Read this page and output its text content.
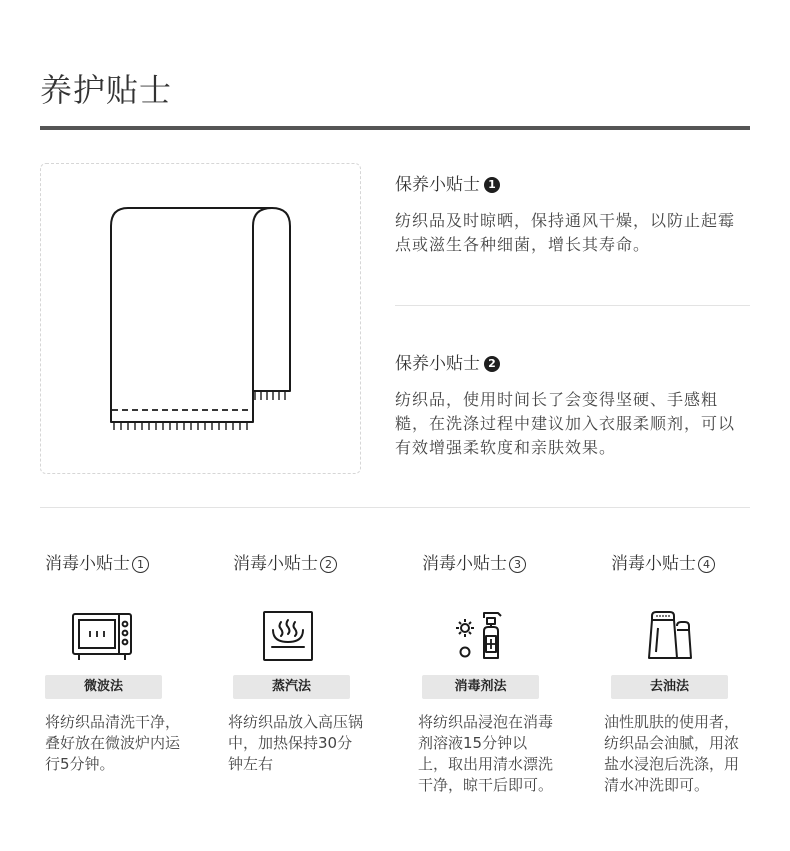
养护贴士
保养小贴士 1
纺织品及时晾晒，保持通风干燥，以防止起霉点或滋生各种细菌，增长其寿命。
保养小贴士 2
纺织品，使用时间长了会变得坚硬、手感粗糙，在洗涤过程中建议加入衣服柔顺剂，可以有效增强柔软度和亲肤效果。
消毒小贴士 1
微波法
将纺织品清洗干净，叠好放在微波炉内运行5分钟。
消毒小贴士 2
蒸汽法
将纺织品放入高压锅中，加热保持30分钟左右
消毒小贴士 3
消毒剂法
将纺织品浸泡在消毒剂溶液15分钟以上，取出用清水漂洗干净，晾干后即可。
消毒小贴士 4
去油法
油性肌肤的使用者，纺织品会油腻，用浓盐水浸泡后洗涤，用清水冲洗即可。
